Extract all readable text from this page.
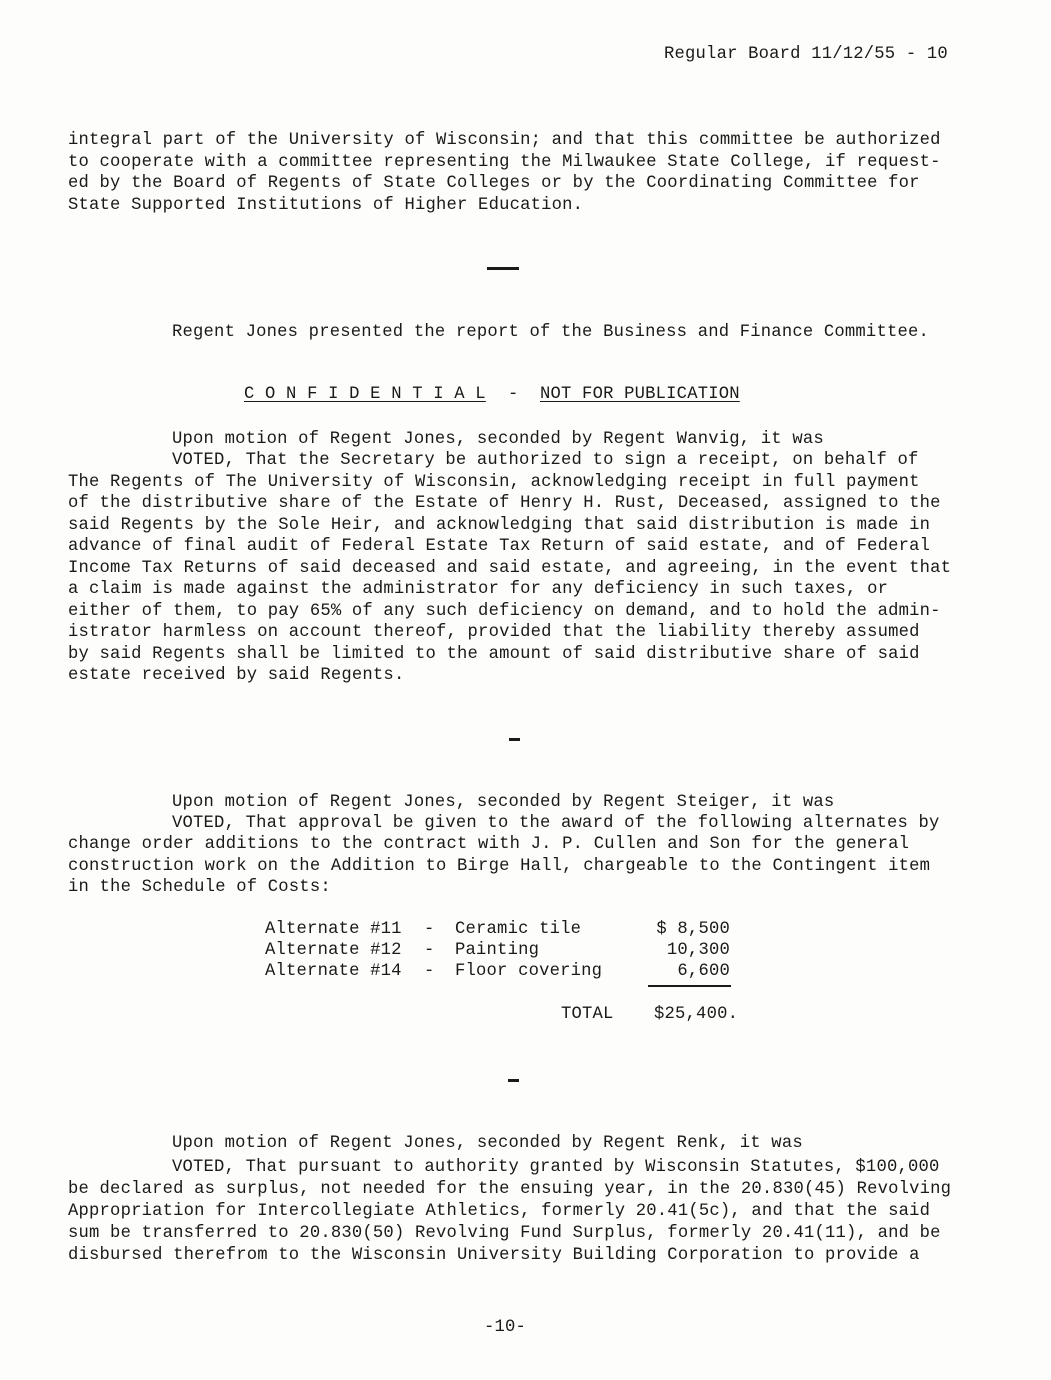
Regular Board 11/12/55 - 10
integral part of the University of Wisconsin; and that this committee be authorized
to cooperate with a committee representing the Milwaukee State College, if request-
ed by the Board of Regents of State Colleges or by the Coordinating Committee for
State Supported Institutions of Higher Education.
Regent Jones presented the report of the Business and Finance Committee.
C O N F I D E N T I A L - NOT FOR PUBLICATION
Upon motion of Regent Jones, seconded by Regent Wanvig, it was
VOTED, That the Secretary be authorized to sign a receipt, on behalf of
The Regents of The University of Wisconsin, acknowledging receipt in full payment
of the distributive share of the Estate of Henry H. Rust, Deceased, assigned to the
said Regents by the Sole Heir, and acknowledging that said distribution is made in
advance of final audit of Federal Estate Tax Return of said estate, and of Federal
Income Tax Returns of said deceased and said estate, and agreeing, in the event that
a claim is made against the administrator for any deficiency in such taxes, or
either of them, to pay 65% of any such deficiency on demand, and to hold the admin-
istrator harmless on account thereof, provided that the liability thereby assumed
by said Regents shall be limited to the amount of said distributive share of said
estate received by said Regents.
Upon motion of Regent Jones, seconded by Regent Steiger, it was
VOTED, That approval be given to the award of the following alternates by
change order additions to the contract with J. P. Cullen and Son for the general
construction work on the Addition to Birge Hall, chargeable to the Contingent item
in the Schedule of Costs:
Alternate #11 - Ceramic tile	$ 8,500
Alternate #12 - Painting	10,300
Alternate #14 - Floor covering	6,600
TOTAL $25,400.
Upon motion of Regent Jones, seconded by Regent Renk, it was
VOTED, That pursuant to authority granted by Wisconsin Statutes, $100,000
be declared as surplus, not needed for the ensuing year, in the 20.830(45) Revolving
Appropriation for Intercollegiate Athletics, formerly 20.41(5c), and that the said
sum be transferred to 20.830(50) Revolving Fund Surplus, formerly 20.41(11), and be
disbursed therefrom to the Wisconsin University Building Corporation to provide a
-10-
